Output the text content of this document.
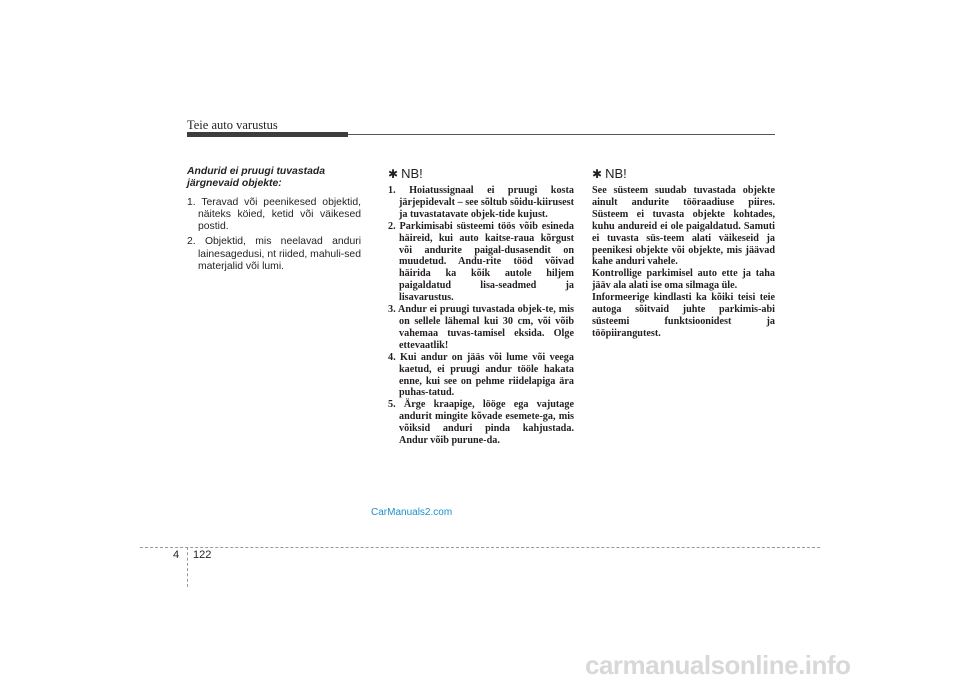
Teie auto varustus
Andurid ei pruugi tuvastada
järgnevaid objekte:
1. Teravad või peenikesed objektid, näiteks köied, ketid või väikesed postid.
2. Objektid, mis neelavad anduri lainesagedusi, nt riided, mahuli-sed materjalid või lumi.
✱ NB!
1. Hoiatussignaal ei pruugi kosta järjepidevalt – see sõltub sõidu-kiirusest ja tuvastatavate objek-tide kujust.
2. Parkimisabi süsteemi töös võib esineda häireid, kui auto kaitse-raua kõrgust või andurite paigal-dusasendit on muudetud. Andu-rite tööd võivad häirida ka kõik autole hiljem paigaldatud lisa-seadmed ja lisavarustus.
3. Andur ei pruugi tuvastada objek-te, mis on sellele lähemal kui 30 cm, või võib vahemaa tuvas-tamisel eksida. Olge ettevaatlik!
4. Kui andur on jääs või lume või veega kaetud, ei pruugi andur tööle hakata enne, kui see on pehme riidelapiga ära puhas-tatud.
5. Ärge kraapige, lööge ega vajutage andurit mingite kõvade esemete-ga, mis võiksid anduri pinda kahjustada. Andur võib purune-da.
✱ NB!

See süsteem suudab tuvastada objekte ainult andurite tööraadiuse piires. Süsteem ei tuvasta objekte kohtades, kuhu andureid ei ole paigaldatud. Samuti ei tuvasta süs-teem alati väikeseid ja peenikesi objekte või objekte, mis jäävad kahe anduri vahele.

Kontrollige parkimisel auto ette ja taha jääv ala alati ise oma silmaga üle.

Informeerige kindlasti ka kõiki teisi teie autoga sõitvaid juhte parkimis-abi süsteemi funktsioonidest ja tööpiirangutest.

CarManuals2.com
4 122
carmanualsonline.info
